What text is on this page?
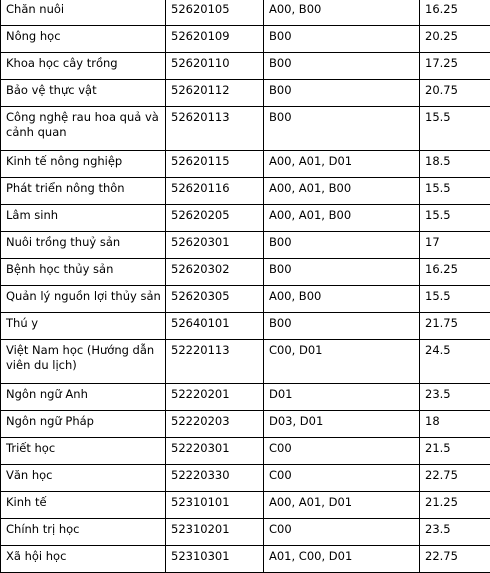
Chăn nuôi	52620105	A00, B00	16.25
Nông học	52620109	B00	20.25
Khoa học cây trồng	52620110	B00	17.25
Bảo vệ thực vật	52620112	B00	20.75
Công nghệ rau hoa quả và cảnh quan	52620113	B00	15.5
Kinh tế nông nghiệp	52620115	A00, A01, D01	18.5
Phát triển nông thôn	52620116	A00, A01, B00	15.5
Lâm sinh	52620205	A00, A01, B00	15.5
Nuôi trồng thuỷ sản	52620301	B00	17
Bệnh học thủy sản	52620302	B00	16.25
Quản lý nguồn lợi thủy sản	52620305	A00, B00	15.5
Thú y	52640101	B00	21.75
Việt Nam học (Hướng dẫn viên du lịch)	52220113	C00, D01	24.5
Ngôn ngữ Anh	52220201	D01	23.5
Ngôn ngữ Pháp	52220203	D03, D01	18
Triết học	52220301	C00	21.5
Văn học	52220330	C00	22.75
Kinh tế	52310101	A00, A01, D01	21.25
Chính trị học	52310201	C00	23.5
Xã hội học	52310301	A01, C00, D01	22.75
